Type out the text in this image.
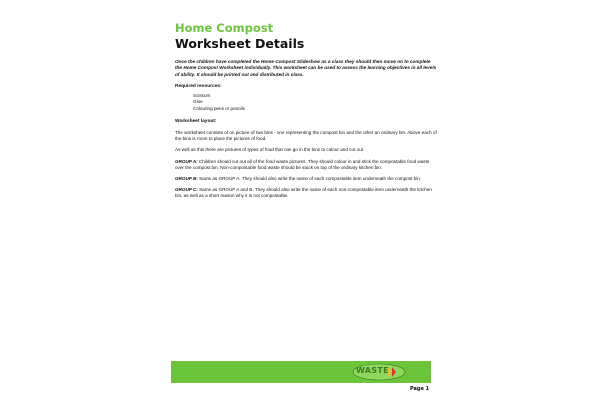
Home Compost
Worksheet Details
Once the children have completed the Home Compost Slideshow as a class they should then move on to complete the Home Compost Worksheet individually. This worksheet can be used to assess the learning objectives in all levels of ability. It should be printed out and distributed in class.
Required resources:
Scissors
Glue
Colouring pens or pencils
Worksheet layout:
The worksheet consists of on picture of two bins - one representing the compost bin and the other an ordinary bin. Above each of the bins is room to place the pictures of food.
As well as this there are pictures of types of food that can go in the bins to colour and cut out
GROUP A: Children should cut out all of the food waste pictures. They should colour in and stick the compostable food waste over the compost bin. Non-compostable food waste should be stuck on top of the ordinary kitchen bin.
GROUP B: Same as GROUP A. They should also write the name of each compostable item underneath the compost bin.
GROUP C: Same as GROUP A and B. They should also write the name of each non-compostable item underneath the kitchen bin, as well as a short reason why it is not compostable.
WASTE
Page 1
